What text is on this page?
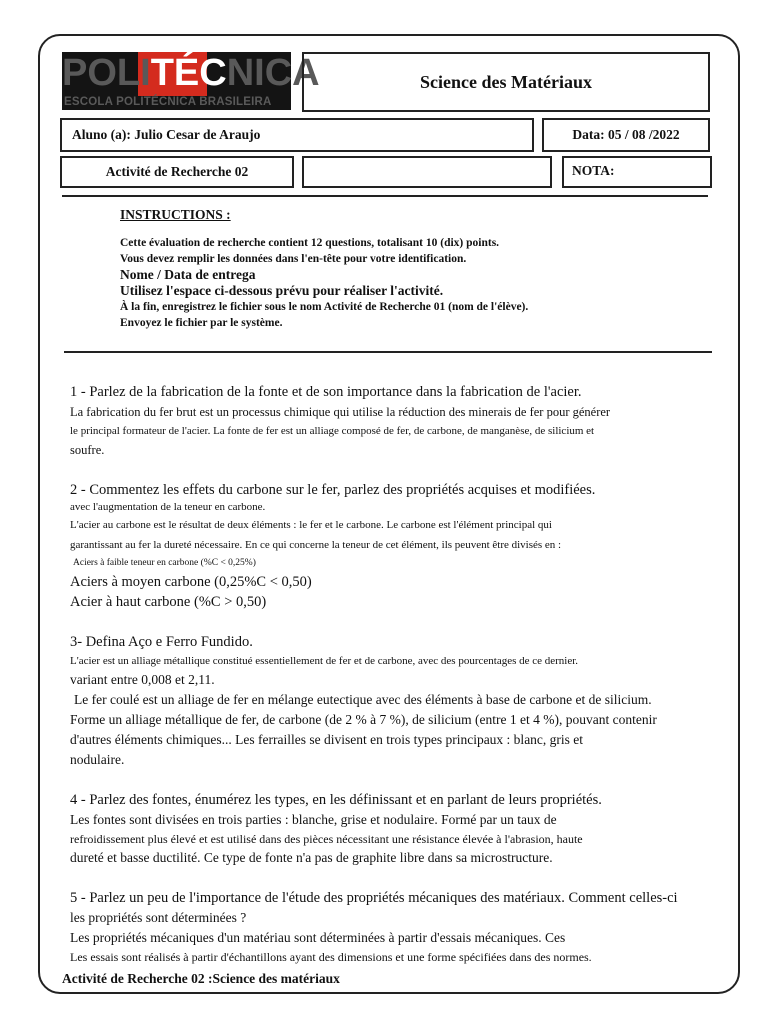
POLITÉCNICA
ESCOLA POLITÉCNICA BRASILEIRA
Science des Matériaux
Aluno (a): Julio Cesar de Araujo	Data: 05 / 08 /2022
Activité de Recherche 02	NOTA:
INSTRUCTIONS :
Cette évaluation de recherche contient 12 questions, totalisant 10 (dix) points.
Vous devez remplir les données dans l'en-tête pour votre identification.
Nome / Data de entrega
Utilisez l'espace ci-dessous prévu pour réaliser l'activité.
À la fin, enregistrez le fichier sous le nom Activité de Recherche 01 (nom de l'élève).
Envoyez le fichier par le système.
1 - Parlez de la fabrication de la fonte et de son importance dans la fabrication de l'acier.
La fabrication du fer brut est un processus chimique qui utilise la réduction des minerais de fer pour générer
le principal formateur de l'acier. La fonte de fer est un alliage composé de fer, de carbone, de manganèse, de silicium et
soufre.
2 - Commentez les effets du carbone sur le fer, parlez des propriétés acquises et modifiées.
avec l'augmentation de la teneur en carbone.
L'acier au carbone est le résultat de deux éléments : le fer et le carbone. Le carbone est l'élément principal qui
garantissant au fer la dureté nécessaire. En ce qui concerne la teneur de cet élément, ils peuvent être divisés en :
Aciers à faible teneur en carbone (%C < 0,25%)
Aciers à moyen carbone (0,25%C < 0,50)
Acier à haut carbone (%C > 0,50)
3- Defina Aço e Ferro Fundido.
L'acier est un alliage métallique constitué essentiellement de fer et de carbone, avec des pourcentages de ce dernier.
variant entre 0,008 et 2,11.
Le fer coulé est un alliage de fer en mélange eutectique avec des éléments à base de carbone et de silicium.
Forme un alliage métallique de fer, de carbone (de 2 % à 7 %), de silicium (entre 1 et 4 %), pouvant contenir
d'autres éléments chimiques... Les ferrailles se divisent en trois types principaux : blanc, gris et
nodulaire.
4 - Parlez des fontes, énumérez les types, en les définissant et en parlant de leurs propriétés.
Les fontes sont divisées en trois parties : blanche, grise et nodulaire. Formé par un taux de
refroidissement plus élevé et est utilisé dans des pièces nécessitant une résistance élevée à l'abrasion, haute
dureté et basse ductilité. Ce type de fonte n'a pas de graphite libre dans sa microstructure.
5 - Parlez un peu de l'importance de l'étude des propriétés mécaniques des matériaux. Comment celles-ci
les propriétés sont déterminées ?
Les propriétés mécaniques d'un matériau sont déterminées à partir d'essais mécaniques. Ces
Les essais sont réalisés à partir d'échantillons ayant des dimensions et une forme spécifiées dans des normes.
Activité de Recherche 02 :Science des matériaux
